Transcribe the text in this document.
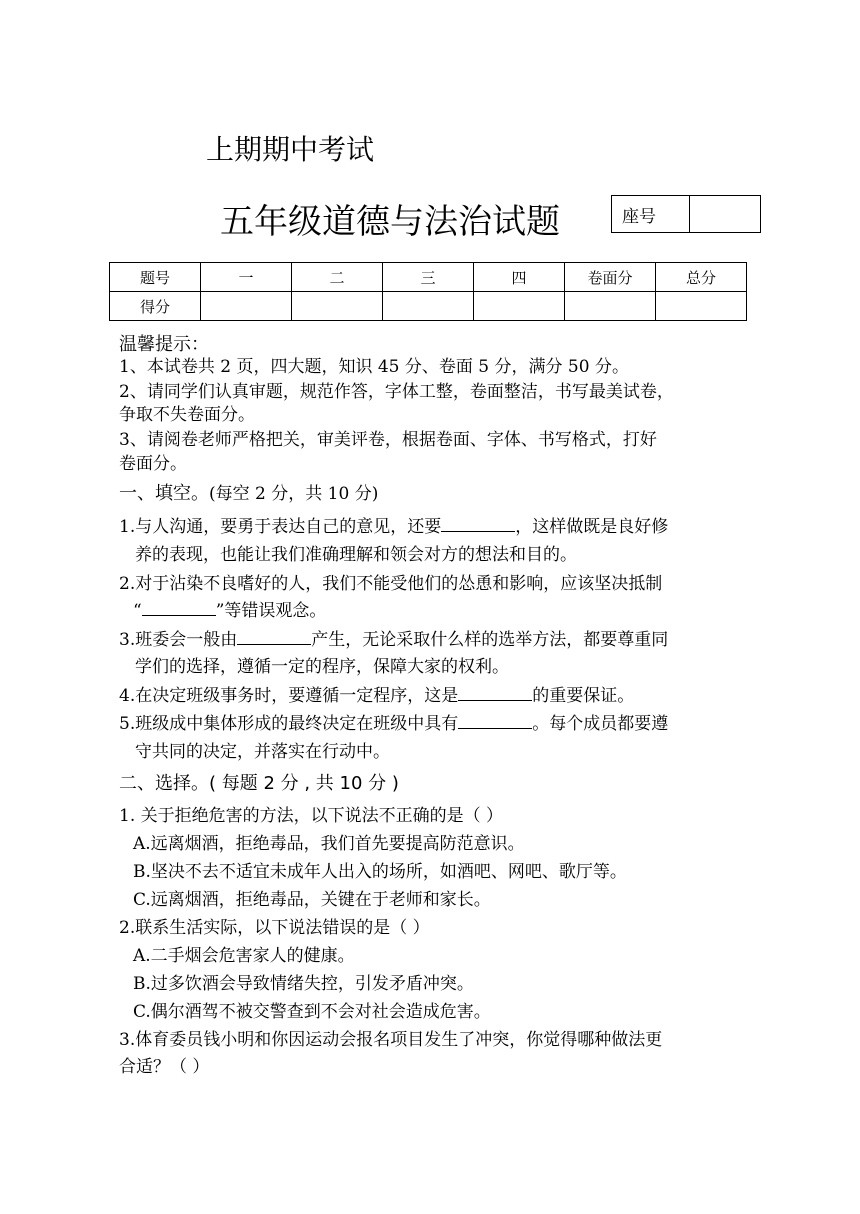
上期期中考试
五年级道德与法治试题	座号
题号	一	二	三	四	卷面分	总分
得分						
温馨提示：
1、本试卷共 2 页，四大题，知识 45 分、卷面 5 分，满分 50 分。
2、请同学们认真审题，规范作答，字体工整，卷面整洁，书写最美试卷，
争取不失卷面分。
3、请阅卷老师严格把关，审美评卷，根据卷面、字体、书写格式，打好
卷面分。
一、填空。(每空 2 分，共 10 分)
1.与人沟通，要勇于表达自己的意见，还要	，这样做既是良好修
养的表现，也能让我们准确理解和领会对方的想法和目的。
2.对于沾染不良嗜好的人，我们不能受他们的怂恿和影响，应该坚决抵制
“	”等错误观念。
3.班委会一般由	产生，无论采取什么样的选举方法，都要尊重同
学们的选择，遵循一定的程序，保障大家的权利。
4.在决定班级事务时，要遵循一定程序，这是	的重要保证。
5.班级成中集体形成的最终决定在班级中具有	。每个成员都要遵
守共同的决定，并落实在行动中。
二、选择。( 每题 2 分 , 共 10 分 )
1. 关于拒绝危害的方法，以下说法不正确的是（ ）
A.远离烟酒，拒绝毒品，我们首先要提高防范意识。
B.坚决不去不适宜未成年人出入的场所，如酒吧、网吧、歌厅等。
C.远离烟酒，拒绝毒品，关键在于老师和家长。
2.联系生活实际，以下说法错误的是（ ）
A.二手烟会危害家人的健康。
B.过多饮酒会导致情绪失控，引发矛盾冲突。
C.偶尔酒驾不被交警查到不会对社会造成危害。
3.体育委员钱小明和你因运动会报名项目发生了冲突，你觉得哪种做法更
合适？（ ）
